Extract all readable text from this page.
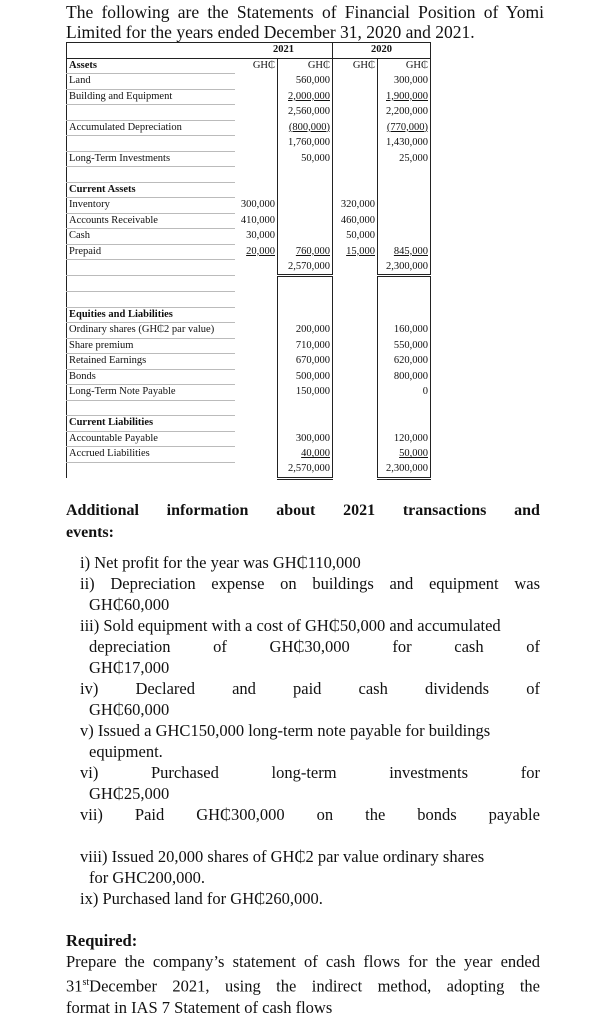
The following are the Statements of Financial Position of Yomi
Limited for the years ended December 31, 2020 and 2021.
	2021		2020	
Assets	GH₵	GH₵	GH₵	GH₵
Land		560,000		300,000
Building and Equipment		2,000,000		1,900,000
		2,560,000		2,200,000
Accumulated Depreciation		(800,000)		(770,000)
		1,760,000		1,430,000
Long-Term Investments		50,000		25,000

Current Assets				
Inventory	300,000		320,000	
Accounts Receivable	410,000		460,000	
Cash	30,000		50,000	
Prepaid	20,000	760,000	15,000	845,000
		2,570,000		2,300,000

Equities and Liabilities				
Ordinary shares (GH₵2 par value)		200,000		160,000
Share premium		710,000		550,000
Retained Earnings		670,000		620,000
Bonds		500,000		800,000
Long-Term Note Payable		150,000		0

Current Liabilities				
Accountable Payable		300,000		120,000
Accrued Liabilities		40,000		50,000
		2,570,000		2,300,000
Additional information about 2021 transactions and
events:

i) Net profit for the year was GH₵110,000

ii) Depreciation expense on buildings and equipment was

GH₵60,000

iii) Sold equipment with a cost of GH₵50,000 and accumulated

depreciation	of	GH₵30,000	for	cash	of

GH₵17,000

iv) Declared and paid cash dividends of

GH₵60,000

v) Issued a GHC150,000 long-term note payable for buildings

equipment.

vi)	Purchased	long-term	investments	for

GH₵25,000

vii) Paid GH₵300,000 on the bonds payable

viii) Issued 20,000 shares of GH₵2 par value ordinary shares

for GHC200,000.

ix) Purchased land for GH₵260,000.

Required:
Prepare the company’s statement of cash flows for the year ended
31stDecember 2021, using the indirect method, adopting the
format in IAS 7 Statement of cash flows
